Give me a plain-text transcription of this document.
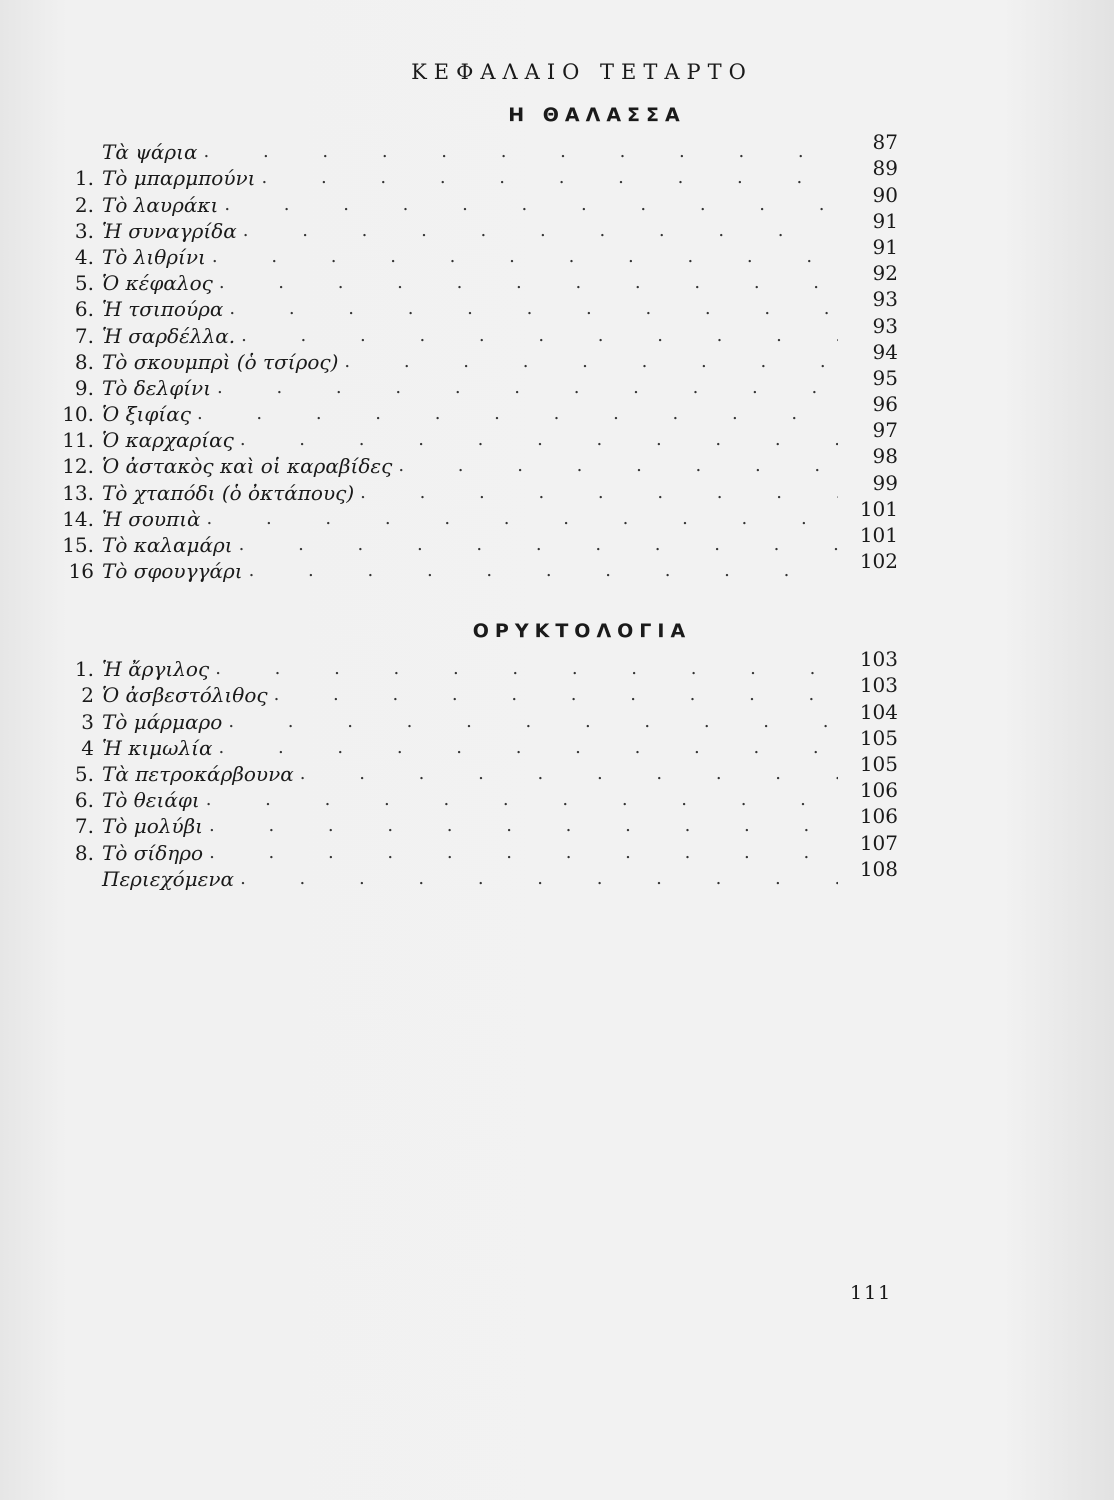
ΚΕΦΑΛΑΙΟ ΤΕΤΑΡΤΟ
Η ΘΑΛΑΣΣΑ
Τὰ ψάρια . . .	87
1. Τὸ μπαρμπούνι . . .	89
2. Τὸ λαυράκι . . .	90
3. Ἡ συναγρίδα . . .	91
4. Τὸ λιθρίνι . . .	91
5. Ὁ κέφαλος . . .	92
6. Ἡ τσιπούρα . . .	93
7. Ἡ σαρδέλλα. . . .	93
8. Τὸ σκουμπρὶ (ὁ τσίρος) . . .	94
9. Τὸ δελφίνι . . .	95
10. Ὁ ξιφίας . . .	96
11. Ὁ καρχαρίας . . .	97
12. Ὁ ἀστακὸς καὶ οἱ καραβίδες . . .	98
13. Τὸ χταπόδι (ὁ ὀκτάπους) . . .	99
14. Ἡ σουπιὰ . . .	101
15. Τὸ καλαμάρι . . .	101
16 Τὸ σφουγγάρι . . .	102
ΟΡΥΚΤΟΛΟΓΙΑ
1. Ἡ ἄργιλος . . .	103
2 Ὁ ἀσβεστόλιθος . . .	103
3 Τὸ μάρμαρο . . .	104
4 Ἡ κιμωλία . . .	105
5. Τὰ πετροκάρβουνα . . .	105
6. Τὸ θειάφι . . .	106
7. Τὸ μολύβι . . .	106
8. Τὸ σίδηρο . . .	107
Περιεχόμενα . . .	108
111
